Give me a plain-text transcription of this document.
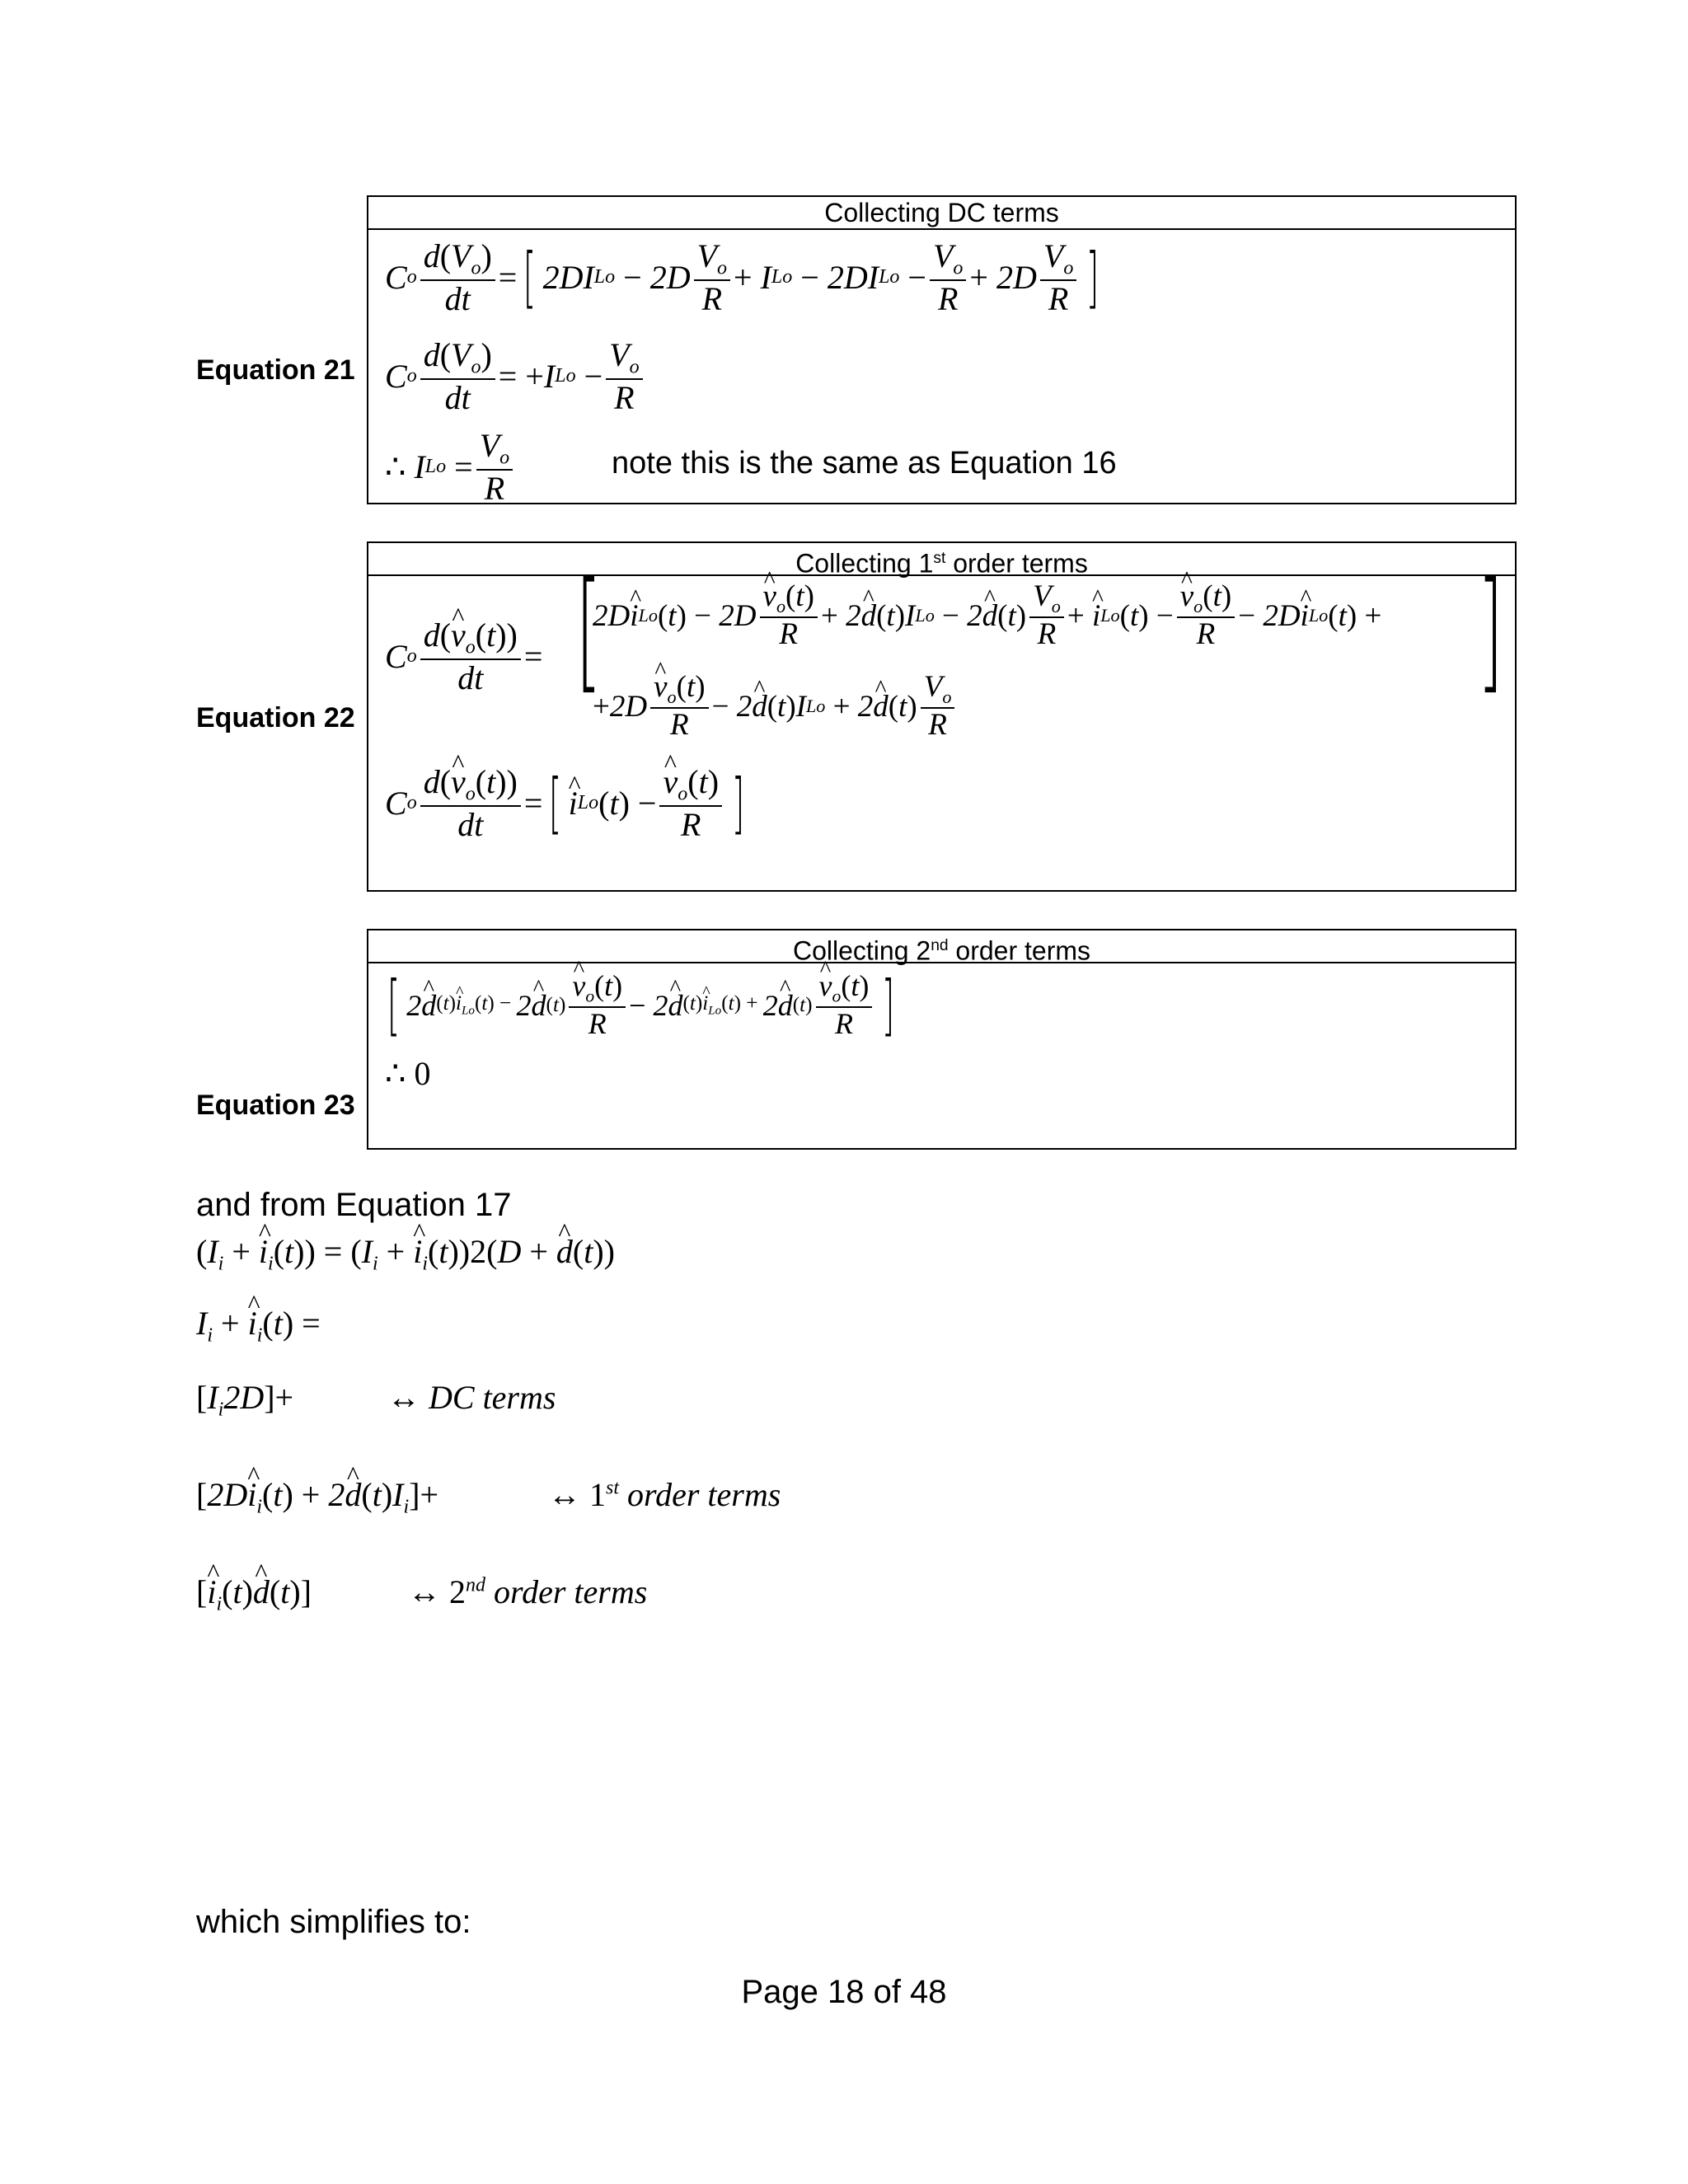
Equation 21
Collecting DC terms
C o $\frac{d(V_o)}{dt}$ = [ 2DI $Lo - 2D \frac{V_o}{R} + I$ Lo − 2DI $Lo - \frac{V_o}{R} + 2D \frac{V_o}{R}$ ]
C o $\frac{d(V_o)}{dt}$ = + I $Lo - \frac{V_o}{R}$
∴ I $Lo = \frac{V_o}{R}$	note this is the same as Equation 16
Equation 22
Collecting 1st order terms
C o $\frac{d(\^{} v_o(t))}{dt}$ = [
2D ^ i Lo ( t ) − 2D ^ $\frac{v_o(t)}{R} + 2$ ^ d ( t ) I Lo − 2 ^ d ( t ) $\frac{V_o}{R}$ + ^ i Lo ( t ) − ^ $\frac{v_o(t)}{R} - 2D$ ^ i Lo ( t ) +
+ 2D ^ $\frac{v_o(t)}{R} - 2$ ^ d ( t ) I Lo + 2 ^ d ( t ) $\frac{V_o}{R}$
]
C o $\frac{d(\^{} v_o(t))}{dt}$ = [ ^ i Lo ( t ) − ^ $\frac{v_o(t)}{R}$ ]
Equation 23
Collecting 2nd order terms
[ 2 ^ d (t)^ $i_{Lo}(t) - 2$ ^ d (t) ^ $\frac{v_o(t)}{R} - 2$ ^ d (t)^ $i_{Lo}(t) + 2$ ^ d (t) ^ $\frac{v_o(t)}{R}$ ]
∴ 0
and from Equation 17
($I_i$ + ^ $i_i(t)) = (I_i$ + ^ $i_i(t))2(D$ + ^ d(t))
$I_i$ + ^ $i_i(t)$ =
$[I_i2D]+$	↔ DC terms
[2D^ $i_i(t)$ + 2^ $d(t)I_i]+$	↔ 1st order terms
[^ $i_i(t)\^{}$ d(t)]	↔ 2nd order terms
which simplifies to:
Page 18 of 48
